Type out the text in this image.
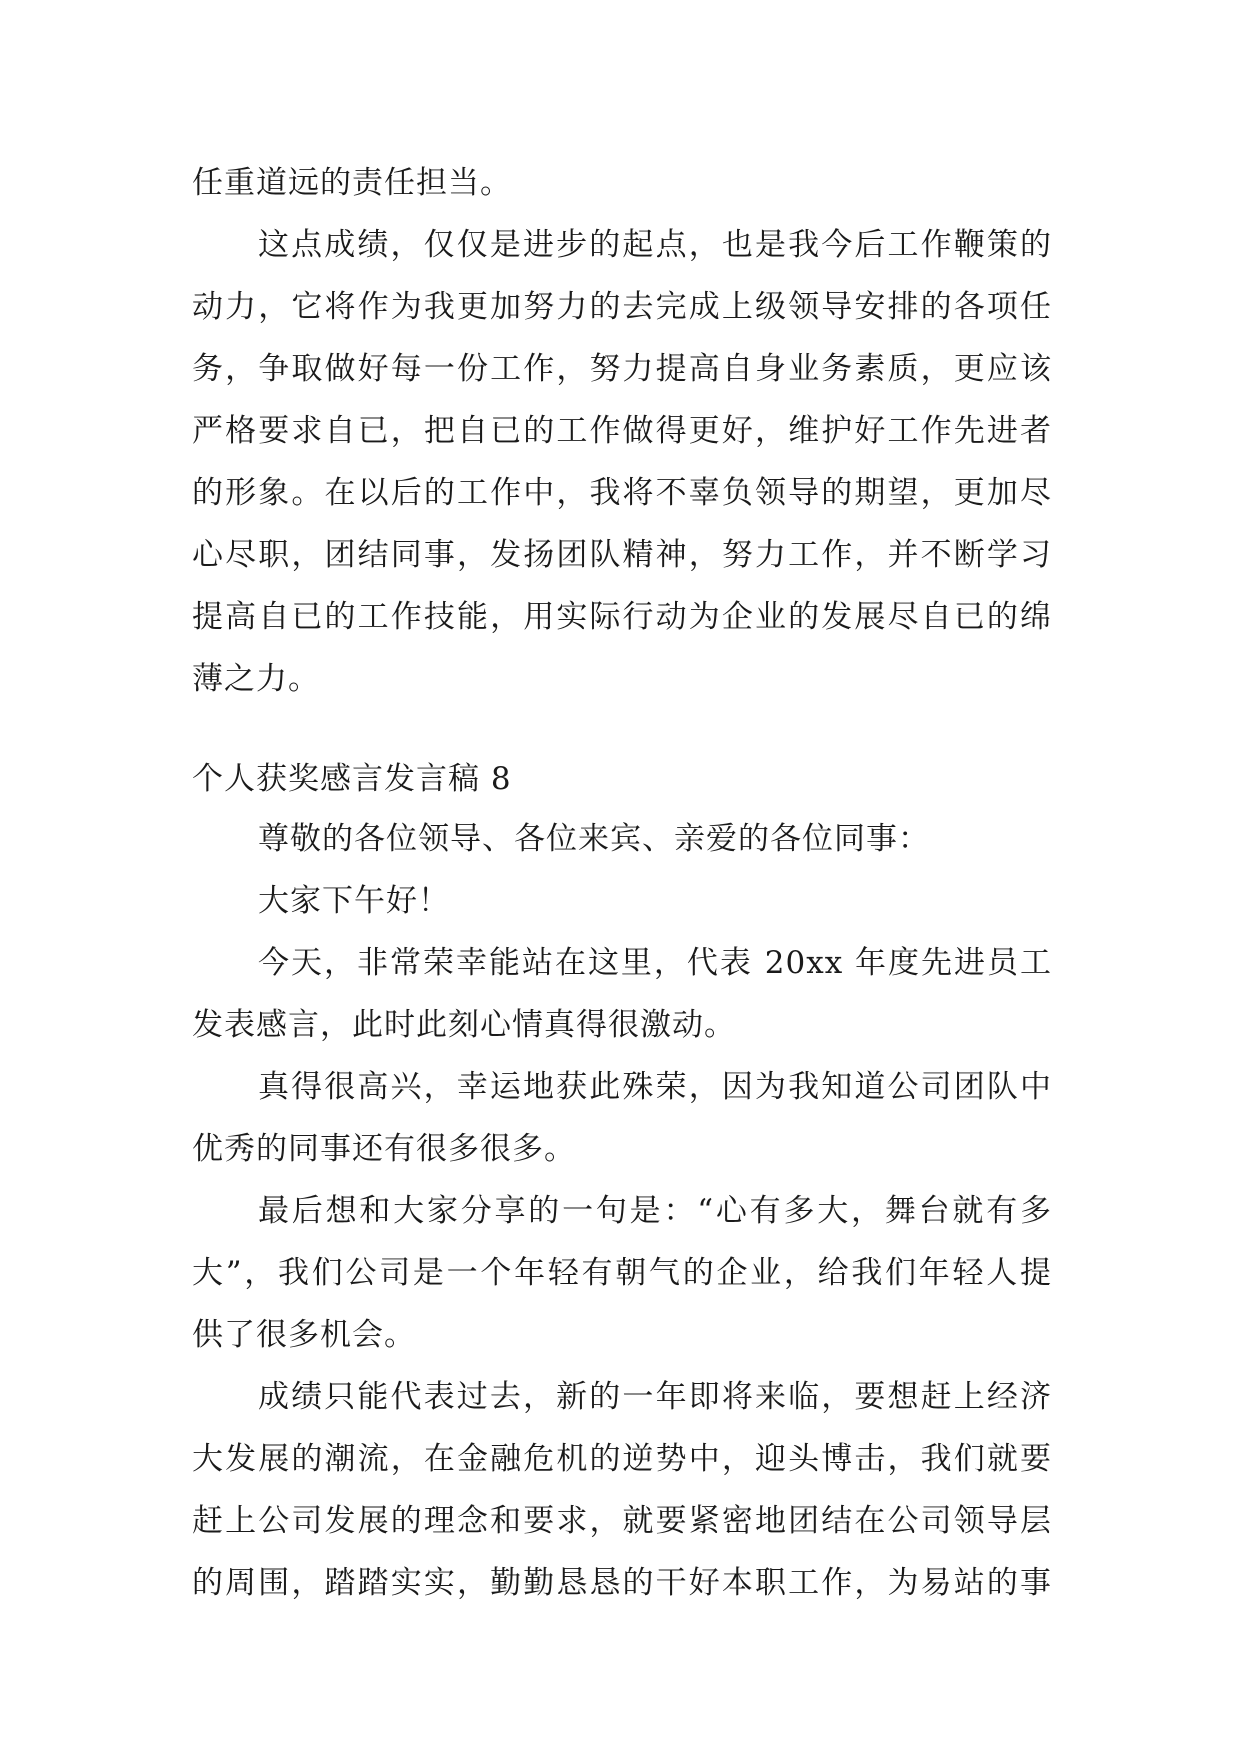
任重道远的责任担当。
这点成绩，仅仅是进步的起点，也是我今后工作鞭策的
动力，它将作为我更加努力的去完成上级领导安排的各项任
务，争取做好每一份工作，努力提高自身业务素质，更应该
严格要求自已，把自已的工作做得更好，维护好工作先进者
的形象。在以后的工作中，我将不辜负领导的期望，更加尽
心尽职，团结同事，发扬团队精神，努力工作，并不断学习
提高自已的工作技能，用实际行动为企业的发展尽自已的绵
薄之力。
个人获奖感言发言稿 8
尊敬的各位领导、各位来宾、亲爱的各位同事：
大家下午好！
今天，非常荣幸能站在这里，代表 20xx 年度先进员工
发表感言，此时此刻心情真得很激动。
真得很高兴，幸运地获此殊荣，因为我知道公司团队中
优秀的同事还有很多很多。
最后想和大家分享的一句是：“心有多大，舞台就有多
大”，我们公司是一个年轻有朝气的企业，给我们年轻人提
供了很多机会。
成绩只能代表过去，新的一年即将来临，要想赶上经济
大发展的潮流，在金融危机的逆势中，迎头博击，我们就要
赶上公司发展的理念和要求，就要紧密地团结在公司领导层
的周围，踏踏实实，勤勤恳恳的干好本职工作，为易站的事
